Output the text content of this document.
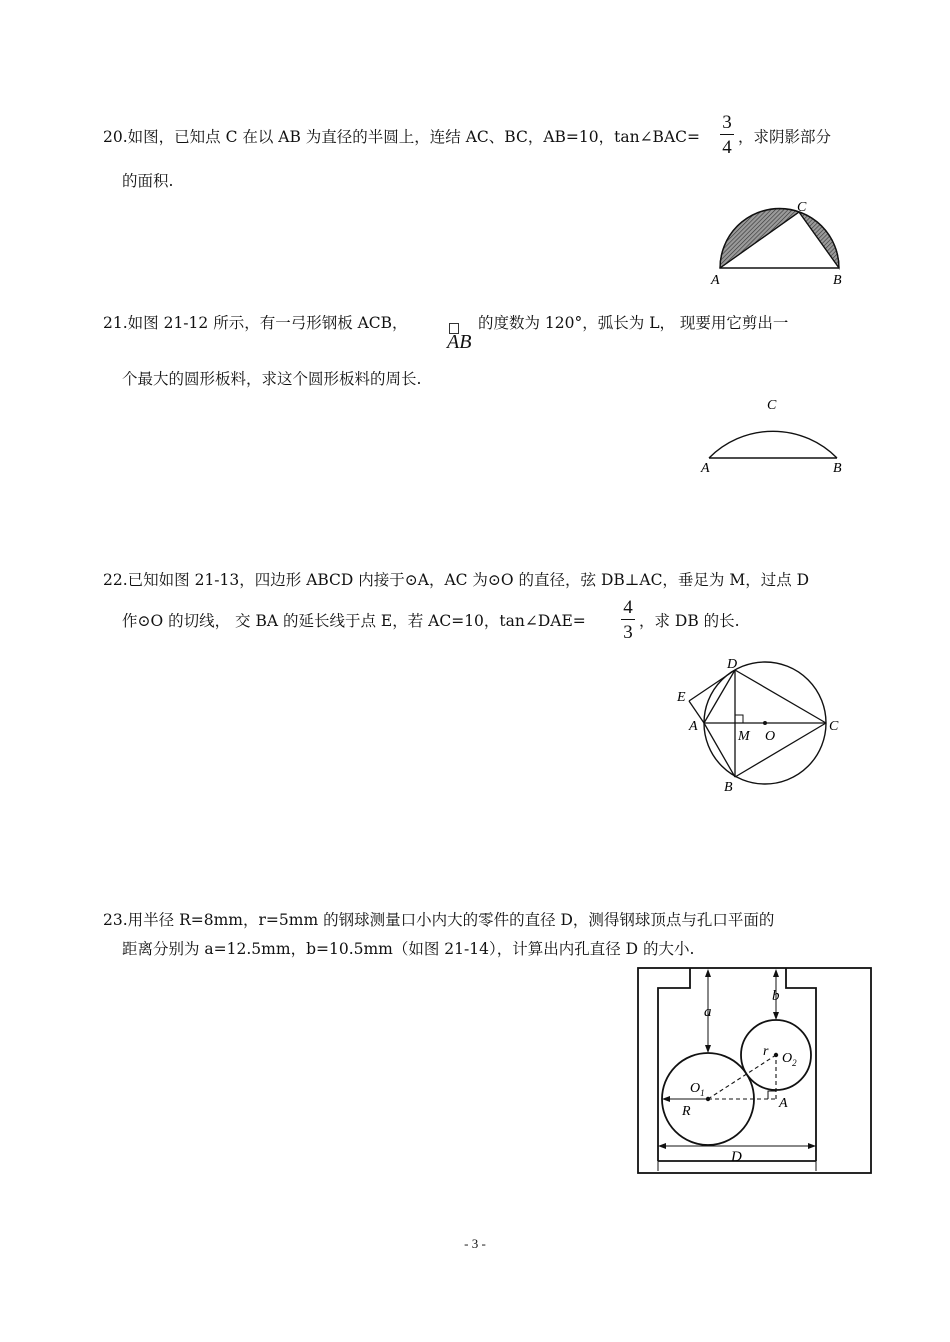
20.如图，已知点 C 在以 AB 为直径的半圆上，连结 AC、BC，AB=10，tan∠BAC=
3
4 ，求阴影部分
的面积.
A	B
C
21.如图 21-12 所示，有一弓形钢板 ACB，
AB
的度数为 120°，弧长为 L， 现要用它剪出一
个最大的圆形板料，求这个圆形板料的周长.
A	B
C
22.已知如图 21-13，四边形 ABCD 内接于⊙A，AC 为⊙O 的直径，弦 DB⊥AC，垂足为 M，过点 D
作⊙O 的切线， 交 BA 的延长线于点 E，若 AC=10，tan∠DAE=
4
3
，求 DB 的长.
D
E
A
M O
C
B
23.用半径 R=8mm，r=5mm 的钢球测量口小内大的零件的直径 D，测得钢球顶点与孔口平面的
距离分别为 a=12.5mm，b=10.5mm（如图 21-14），计算出内孔直径 D 的大小.
a
b
r $O_2$
$O_1$
R
A
D
- 3 -
